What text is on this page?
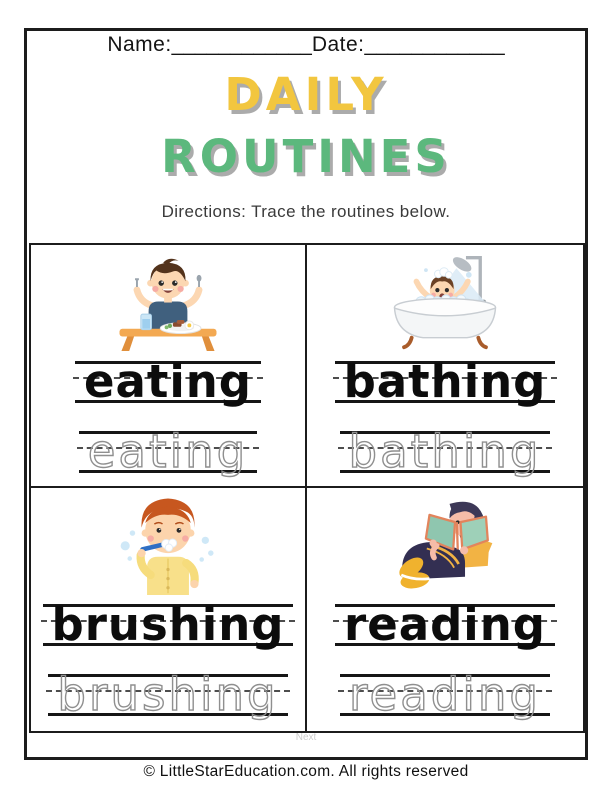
Name:____________Date:____________
DAILY
ROUTINES
Directions: Trace the routines below.
eating
eating
bathing
bathing
brushing
brushing
reading
reading
Next
© LittleStarEducation.com. All rights reserved
